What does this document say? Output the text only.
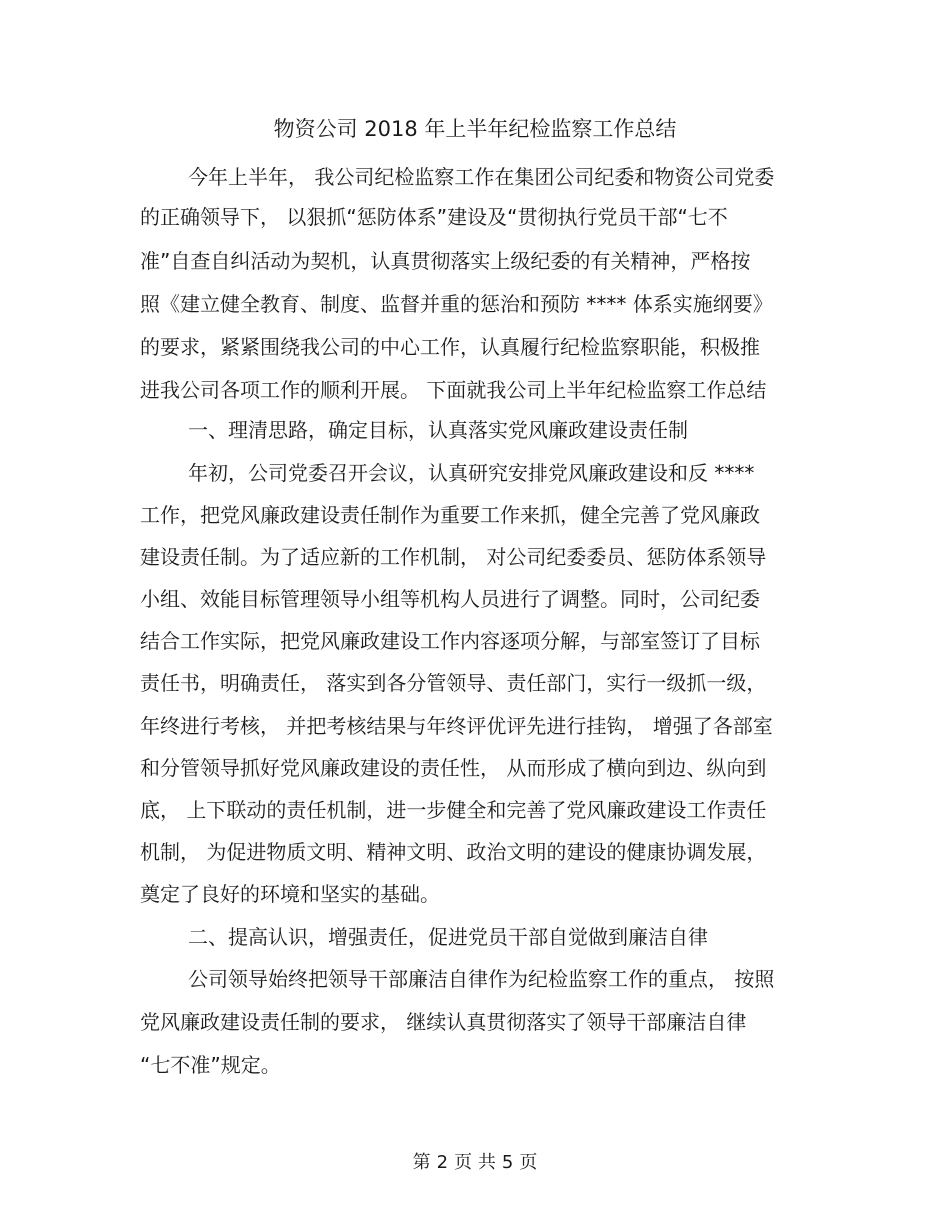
物资公司 2018 年上半年纪检监察工作总结
今年上半年， 我公司纪检监察工作在集团公司纪委和物资公司党委
的正确领导下， 以狠抓“惩防体系”建设及“贯彻执行党员干部“七不
准”自查自纠活动为契机，认真贯彻落实上级纪委的有关精神，严格按
照《建立健全教育、制度、监督并重的惩治和预防 **** 体系实施纲要》
的要求，紧紧围绕我公司的中心工作，认真履行纪检监察职能，积极推
进我公司各项工作的顺利开展。 下面就我公司上半年纪检监察工作总结
一、理清思路，确定目标，认真落实党风廉政建设责任制
年初，公司党委召开会议，认真研究安排党风廉政建设和反 ****
工作，把党风廉政建设责任制作为重要工作来抓，健全完善了党风廉政
建设责任制。为了适应新的工作机制， 对公司纪委委员、惩防体系领导
小组、效能目标管理领导小组等机构人员进行了调整。同时，公司纪委
结合工作实际，把党风廉政建设工作内容逐项分解，与部室签订了目标
责任书，明确责任， 落实到各分管领导、责任部门，实行一级抓一级，
年终进行考核， 并把考核结果与年终评优评先进行挂钩， 增强了各部室
和分管领导抓好党风廉政建设的责任性， 从而形成了横向到边、纵向到
底， 上下联动的责任机制，进一步健全和完善了党风廉政建设工作责任
机制， 为促进物质文明、精神文明、政治文明的建设的健康协调发展，
奠定了良好的环境和坚实的基础。
二、提高认识，增强责任，促进党员干部自觉做到廉洁自律
公司领导始终把领导干部廉洁自律作为纪检监察工作的重点， 按照
党风廉政建设责任制的要求， 继续认真贯彻落实了领导干部廉洁自律
“七不准”规定。
第 2 页 共 5 页
